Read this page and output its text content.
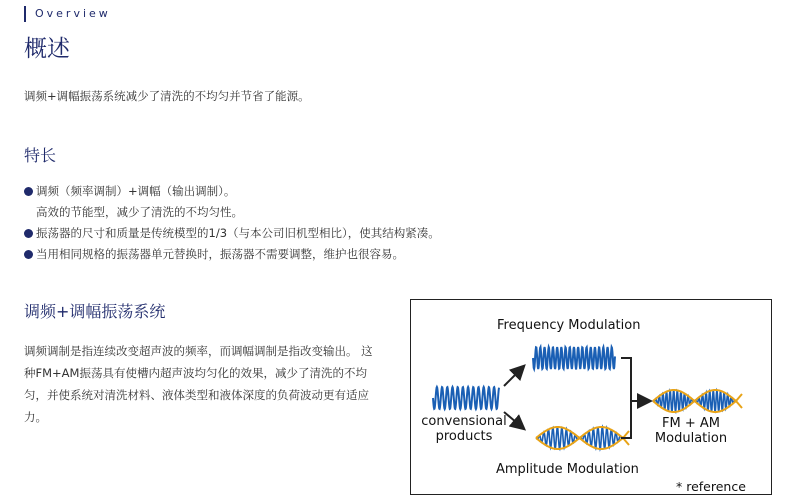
Overview
概述

调频+调幅振荡系统减少了清洗的不均匀并节省了能源。

特长
调频（频率调制）+调幅（输出调制）。
高效的节能型，减少了清洗的不均匀性。
振荡器的尺寸和质量是传统模型的1/3（与本公司旧机型相比），使其结构紧凑。
当用相同规格的振荡器单元替换时，振荡器不需要调整，维护也很容易。
调频+调幅振荡系统

调频调制是指连续改变超声波的频率，而调幅调制是指改变输出。 这种FM+AM振荡具有使槽内超声波均匀化的效果，减少了清洗的不均匀，并使系统对清洗材料、液体类型和液体深度的负荷波动更有适应力。

Frequency Modulation
convensional
products
Amplitude Modulation
FM + AM
Modulation
* reference
